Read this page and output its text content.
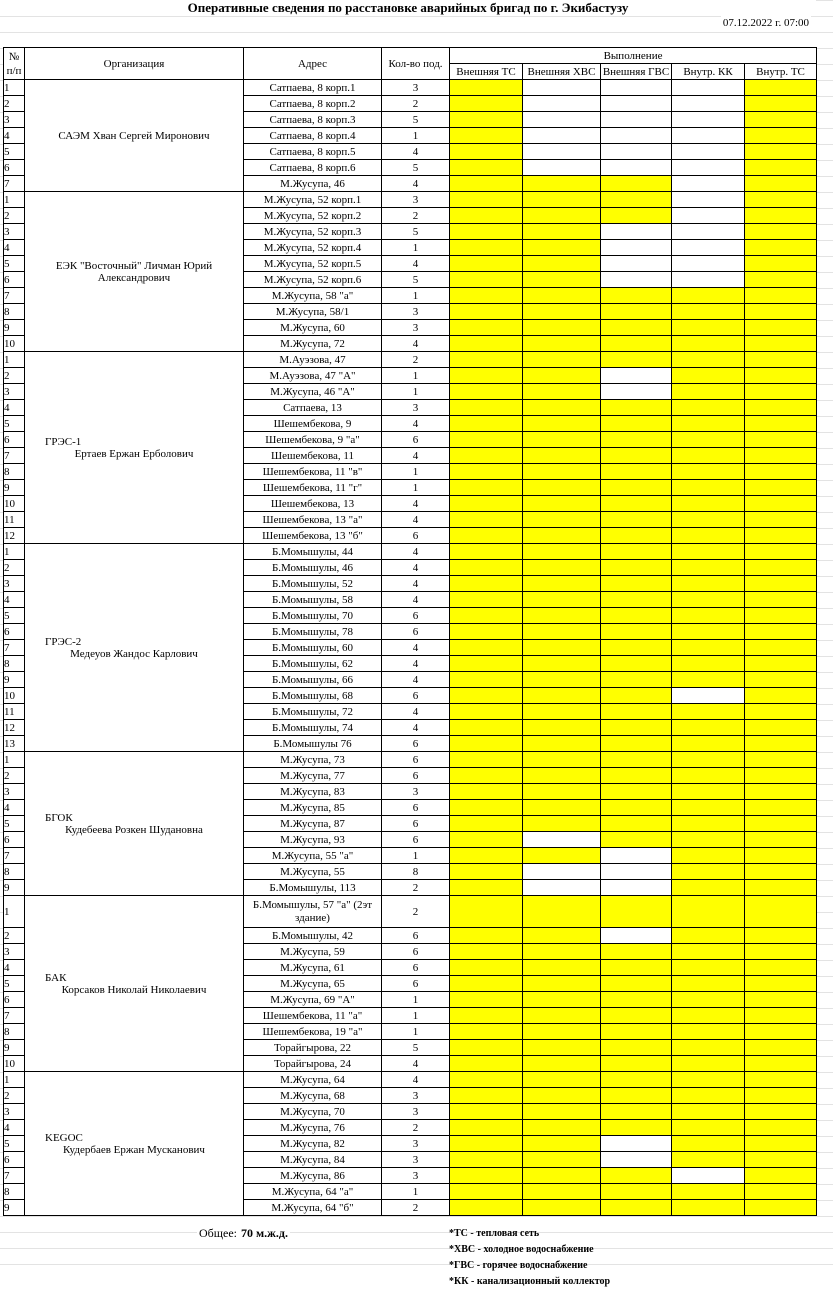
Оперативные сведения по расстановке аварийных бригад по г. Экибастузу
07.12.2022 г. 07:00
№ п/п	Организация	Адрес	Кол-во под.	Выполнение				
				Внешняя ТС	Внешняя ХВС	Внешняя ГВС	Внутр. КК	Внутр. ТС
1	САЭМ Хван Сергей Миронович	Сатпаева, 8 корп.1	3					
2		Сатпаева, 8 корп.2	2					
3		Сатпаева, 8 корп.3	5					
4		Сатпаева, 8 корп.4	1					
5		Сатпаева, 8 корп.5	4					
6		Сатпаева, 8 корп.6	5					
7		М.Жусупа, 46	4					
1	ЕЭК "Восточный" Личман Юрий
Александрович	М.Жусупа, 52 корп.1	3					
2		М.Жусупа, 52 корп.2	2					
3		М.Жусупа, 52 корп.3	5					
4		М.Жусупа, 52 корп.4	1					
5		М.Жусупа, 52 корп.5	4					
6		М.Жусупа, 52 корп.6	5					
7		М.Жусупа, 58 "а"	1					
8		М.Жусупа, 58/1	3					
9		М.Жусупа, 60	3					
10		М.Жусупа, 72	4					
1	ГРЭС-1
Ертаев Ержан Ерболович	М.Ауэзова, 47	2					
2		М.Ауэзова, 47 "А"	1					
3		М.Жусупа, 46 "А"	1					
4		Сатпаева, 13	3					
5		Шешембекова, 9	4					
6		Шешембекова, 9 "а"	6					
7		Шешембекова, 11	4					
8		Шешембекова, 11 "в"	1					
9		Шешембекова, 11 "г"	1					
10		Шешембекова, 13	4					
11		Шешембекова, 13 "а"	4					
12		Шешембекова, 13 "б"	6					
1	ГРЭС-2
Медеуов Жандос Карлович	Б.Момышулы, 44	4					
2		Б.Момышулы, 46	4					
3		Б.Момышулы, 52	4					
4		Б.Момышулы, 58	4					
5		Б.Момышулы, 70	6					
6		Б.Момышулы, 78	6					
7		Б.Момышулы, 60	4					
8		Б.Момышулы, 62	4					
9		Б.Момышулы, 66	4					
10		Б.Момышулы, 68	6					
11		Б.Момышулы, 72	4					
12		Б.Момышулы, 74	4					
13		Б.Момышулы 76	6					
1	БГОК
Кудебеева Розкен Шудановна	М.Жусупа, 73	6					
2		М.Жусупа, 77	6					
3		М.Жусупа, 83	3					
4		М.Жусупа, 85	6					
5		М.Жусупа, 87	6					
6		М.Жусупа, 93	6					
7		М.Жусупа, 55 "а"	1					
8		М.Жусупа, 55	8					
9		Б.Момышулы, 113	2					
1	БАК
Корсаков Николай Николаевич	Б.Момышулы, 57 "а" (2эт здание)	2					
2		Б.Момышулы, 42	6					
3		М.Жусупа, 59	6					
4		М.Жусупа, 61	6					
5		М.Жусупа, 65	6					
6		М.Жусупа, 69 "А"	1					
7		Шешембекова, 11 "а"	1					
8		Шешембекова, 19 "а"	1					
9		Торайгырова, 22	5					
10		Торайгырова, 24	4					
1	KEGOC
Кудербаев Ержан Мусканович	М.Жусупа, 64	4					
2		М.Жусупа, 68	3					
3		М.Жусупа, 70	3					
4		М.Жусупа, 76	2					
5		М.Жусупа, 82	3					
6		М.Жусупа, 84	3					
7		М.Жусупа, 86	3					
8		М.Жусупа, 64 "а"	1					
9		М.Жусупа, 64 "б"	2					
Общее: 70 м.ж.д.	*ТС - тепловая сеть
*ХВС - холодное водоснабжение
*ГВС - горячее водоснабжение
*КК - канализационный коллектор
